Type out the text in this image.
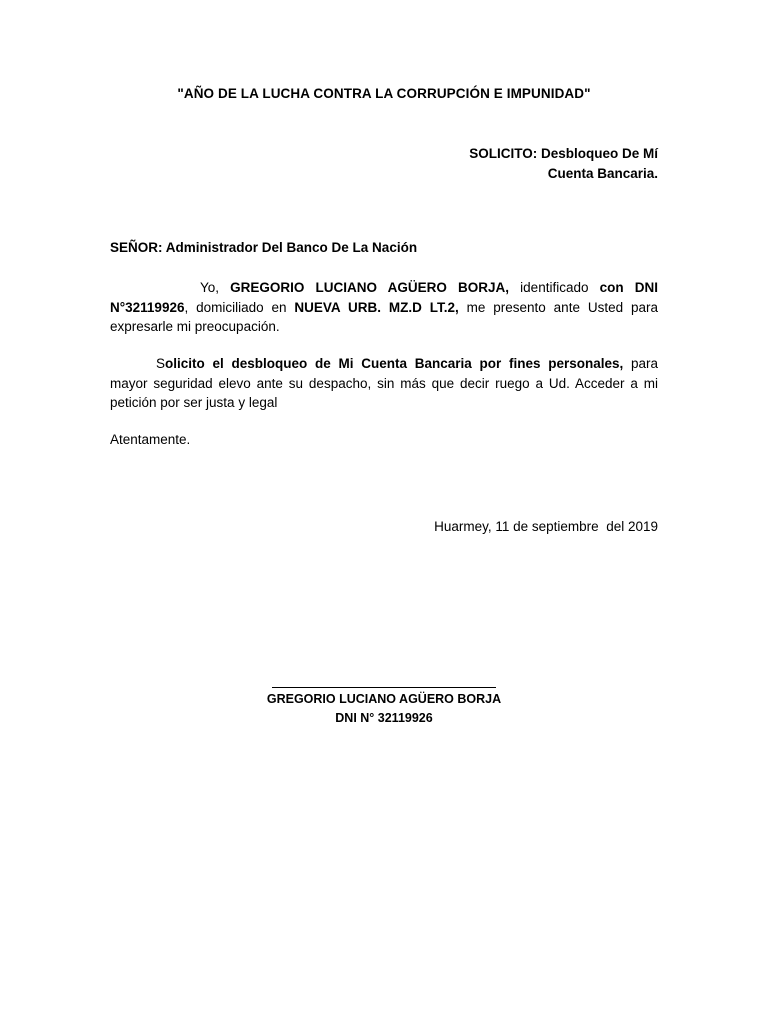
"AÑO DE LA LUCHA CONTRA LA CORRUPCIÓN E IMPUNIDAD"
SOLICITO: Desbloqueo De Mí
Cuenta Bancaria.
SEÑOR: Administrador Del Banco De La Nación
Yo, GREGORIO LUCIANO AGÜERO BORJA, identificado con DNI N°32119926, domiciliado en NUEVA URB. MZ.D LT.2, me presento ante Usted para expresarle mi preocupación.
Solicito el desbloqueo de Mi Cuenta Bancaria por fines personales, para mayor seguridad elevo ante su despacho, sin más que decir ruego a Ud. Acceder a mi petición por ser justa y legal
Atentamente.
Huarmey, 11 de septiembre  del 2019
GREGORIO LUCIANO AGÜERO BORJA
DNI N° 32119926
